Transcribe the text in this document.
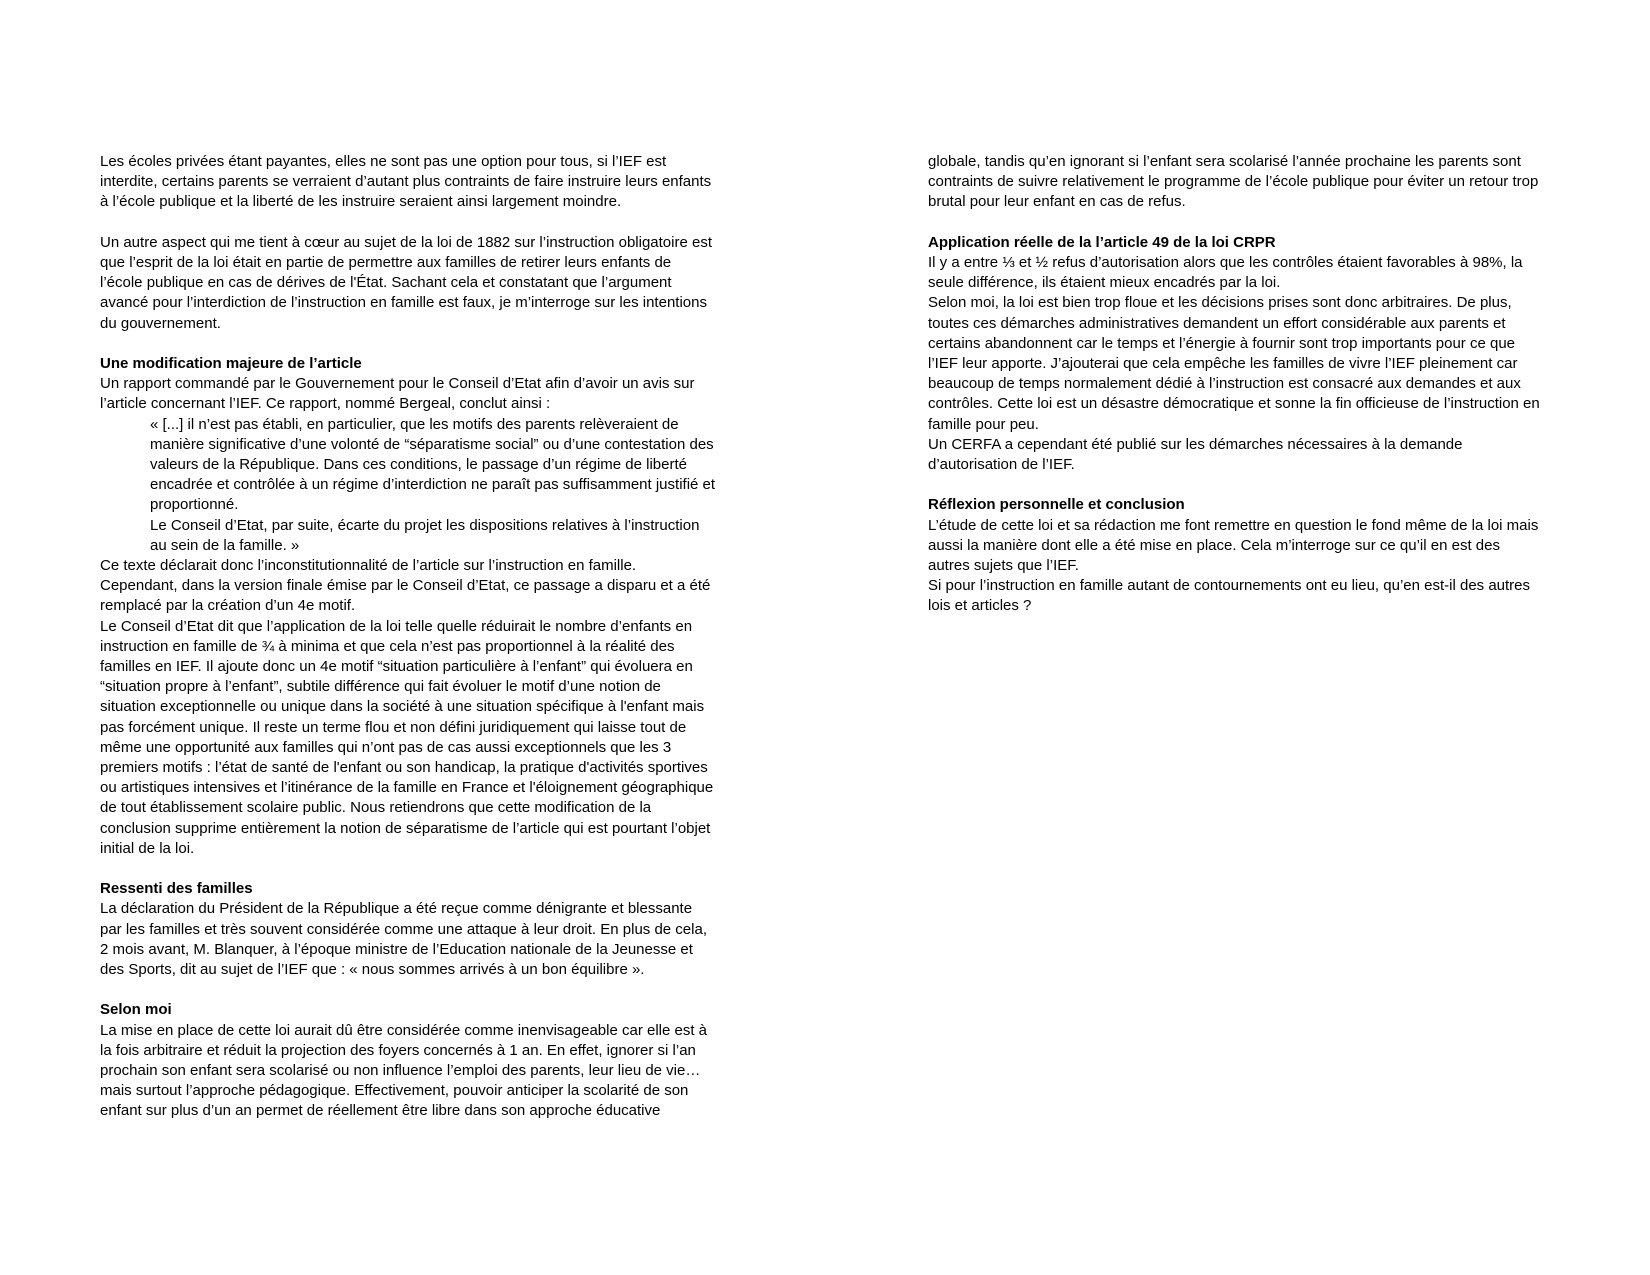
Les écoles privées étant payantes, elles ne sont pas une option pour tous, si l’IEF est
interdite, certains parents se verraient d’autant plus contraints de faire instruire leurs enfants
à l’école publique et la liberté de les instruire seraient ainsi largement moindre.
Un autre aspect qui me tient à cœur au sujet de la loi de 1882 sur l’instruction obligatoire est
que l’esprit de la loi était en partie de permettre aux familles de retirer leurs enfants de
l’école publique en cas de dérives de l'État. Sachant cela et constatant que l’argument
avancé pour l’interdiction de l’instruction en famille est faux, je m’interroge sur les intentions
du gouvernement.
Une modification majeure de l’article
Un rapport commandé par le Gouvernement pour le Conseil d’Etat afin d’avoir un avis sur
l’article concernant l’IEF. Ce rapport, nommé Bergeal, conclut ainsi :
« [...] il n’est pas établi, en particulier, que les motifs des parents relèveraient de
manière significative d’une volonté de “séparatisme social” ou d’une contestation des
valeurs de la République. Dans ces conditions, le passage d’un régime de liberté
encadrée et contrôlée à un régime d’interdiction ne paraît pas suffisamment justifié et
proportionné.
Le Conseil d’Etat, par suite, écarte du projet les dispositions relatives à l’instruction
au sein de la famille. »
Ce texte déclarait donc l’inconstitutionnalité de l’article sur l’instruction en famille.
Cependant, dans la version finale émise par le Conseil d’Etat, ce passage a disparu et a été
remplacé par la création d’un 4e motif.
Le Conseil d’Etat dit que l’application de la loi telle quelle réduirait le nombre d’enfants en
instruction en famille de ¾ à minima et que cela n’est pas proportionnel à la réalité des
familles en IEF. Il ajoute donc un 4e motif “situation particulière à l’enfant” qui évoluera en
“situation propre à l’enfant”, subtile différence qui fait évoluer le motif d’une notion de
situation exceptionnelle ou unique dans la société à une situation spécifique à l'enfant mais
pas forcément unique. Il reste un terme flou et non défini juridiquement qui laisse tout de
même une opportunité aux familles qui n’ont pas de cas aussi exceptionnels que les 3
premiers motifs : l’état de santé de l'enfant ou son handicap, la pratique d'activités sportives
ou artistiques intensives et l’itinérance de la famille en France et l'éloignement géographique
de tout établissement scolaire public. Nous retiendrons que cette modification de la
conclusion supprime entièrement la notion de séparatisme de l’article qui est pourtant l’objet
initial de la loi.
Ressenti des familles
La déclaration du Président de la République a été reçue comme dénigrante et blessante
par les familles et très souvent considérée comme une attaque à leur droit. En plus de cela,
2 mois avant, M. Blanquer, à l’époque ministre de l’Education nationale de la Jeunesse et
des Sports, dit au sujet de l’IEF que : « nous sommes arrivés à un bon équilibre ».
Selon moi
La mise en place de cette loi aurait dû être considérée comme inenvisageable car elle est à
la fois arbitraire et réduit la projection des foyers concernés à 1 an. En effet, ignorer si l’an
prochain son enfant sera scolarisé ou non influence l’emploi des parents, leur lieu de vie…
mais surtout l’approche pédagogique. Effectivement, pouvoir anticiper la scolarité de son
enfant sur plus d’un an permet de réellement être libre dans son approche éducative
globale, tandis qu’en ignorant si l’enfant sera scolarisé l’année prochaine les parents sont
contraints de suivre relativement le programme de l’école publique pour éviter un retour trop
brutal pour leur enfant en cas de refus.
Application réelle de la l’article 49 de la loi CRPR
Il y a entre ⅓ et ½ refus d’autorisation alors que les contrôles étaient favorables à 98%, la
seule différence, ils étaient mieux encadrés par la loi.
Selon moi, la loi est bien trop floue et les décisions prises sont donc arbitraires. De plus,
toutes ces démarches administratives demandent un effort considérable aux parents et
certains abandonnent car le temps et l’énergie à fournir sont trop importants pour ce que
l’IEF leur apporte. J’ajouterai que cela empêche les familles de vivre l’IEF pleinement car
beaucoup de temps normalement dédié à l’instruction est consacré aux demandes et aux
contrôles. Cette loi est un désastre démocratique et sonne la fin officieuse de l’instruction en
famille pour peu.
Un CERFA a cependant été publié sur les démarches nécessaires à la demande
d’autorisation de l’IEF.
Réflexion personnelle et conclusion
L’étude de cette loi et sa rédaction me font remettre en question le fond même de la loi mais
aussi la manière dont elle a été mise en place. Cela m’interroge sur ce qu’il en est des
autres sujets que l’IEF.
Si pour l’instruction en famille autant de contournements ont eu lieu, qu’en est-il des autres
lois et articles ?
